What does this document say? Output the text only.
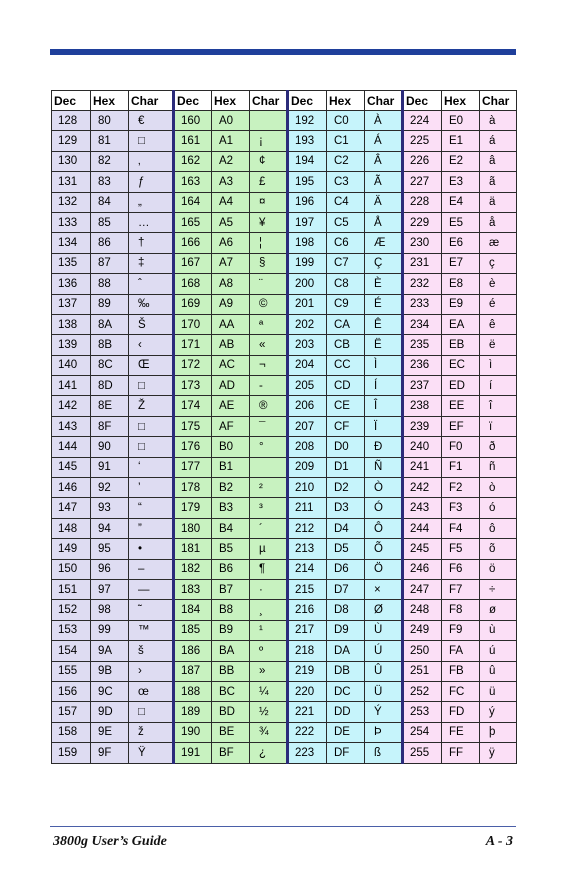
Dec	Hex	Char	Dec	Hex	Char	Dec	Hex	Char	Dec	Hex	Char
128	80	€	160	A0		192	C0	À	224	E0	à
129	81	□	161	A1	¡	193	C1	Á	225	E1	á
130	82	‚	162	A2	¢	194	C2	Â	226	E2	â
131	83	ƒ	163	A3	£	195	C3	Ã	227	E3	ã
132	84	„	164	A4	¤	196	C4	Ä	228	E4	ä
133	85	…	165	A5	¥	197	C5	Å	229	E5	å
134	86	†	166	A6	¦	198	C6	Æ	230	E6	æ
135	87	‡	167	A7	§	199	C7	Ç	231	E7	ç
136	88	ˆ	168	A8	¨	200	C8	È	232	E8	è
137	89	‰	169	A9	©	201	C9	É	233	E9	é
138	8A	Š	170	AA	ª	202	CA	Ê	234	EA	ê
139	8B	‹	171	AB	«	203	CB	Ë	235	EB	ë
140	8C	Œ	172	AC	¬	204	CC	Ì	236	EC	ì
141	8D	□	173	AD	-	205	CD	Í	237	ED	í
142	8E	Ž	174	AE	®	206	CE	Î	238	EE	î
143	8F	□	175	AF	¯	207	CF	Ï	239	EF	ï
144	90	□	176	B0	°	208	D0	Ð	240	F0	ð
145	91	‘	177	B1		209	D1	Ñ	241	F1	ñ
146	92	’	178	B2	²	210	D2	Ò	242	F2	ò
147	93	“	179	B3	³	211	D3	Ó	243	F3	ó
148	94	”	180	B4	´	212	D4	Ô	244	F4	ô
149	95	•	181	B5	µ	213	D5	Õ	245	F5	õ
150	96	–	182	B6	¶	214	D6	Ö	246	F6	ö
151	97	—	183	B7	·	215	D7	×	247	F7	÷
152	98	˜	184	B8	¸	216	D8	Ø	248	F8	ø
153	99	™	185	B9	¹	217	D9	Ù	249	F9	ù
154	9A	š	186	BA	º	218	DA	Ú	250	FA	ú
155	9B	›	187	BB	»	219	DB	Û	251	FB	û
156	9C	œ	188	BC	¼	220	DC	Ü	252	FC	ü
157	9D	□	189	BD	½	221	DD	Ý	253	FD	ý
158	9E	ž	190	BE	¾	222	DE	Þ	254	FE	þ
159	9F	Ÿ	191	BF	¿	223	DF	ß	255	FF	ÿ
3800g User’s Guide	A - 3
